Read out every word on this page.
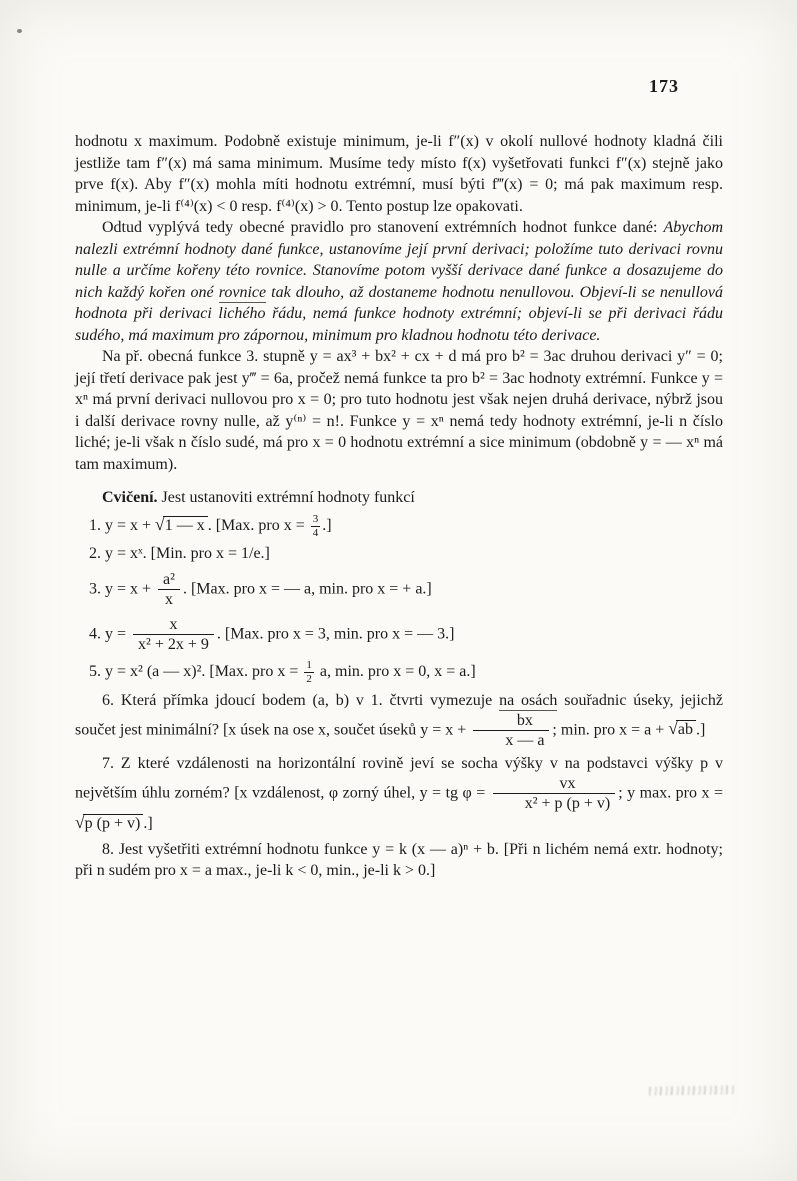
173

hodnotu x maximum. Podobně existuje minimum, je-li f″(x) v okolí nullové hodnoty kladná čili jestliže tam f″(x) má sama minimum. Musíme tedy místo f(x) vyšetřovati funkci f″(x) stejně jako prve f(x). Aby f″(x) mohla míti hodnotu extrémní, musí býti f‴(x) = 0; má pak maximum resp. minimum, je-li f⁽⁴⁾(x) < 0 resp. f⁽⁴⁾(x) > 0. Tento postup lze opakovati.

Odtud vyplývá tedy obecné pravidlo pro stanovení extrémních hodnot funkce dané: Abychom nalezli extrémní hodnoty dané funkce, ustanovíme její první derivaci; položíme tuto derivaci rovnu nulle a určíme kořeny této rovnice. Stanovíme potom vyšší derivace dané funkce a dosazujeme do nich každý kořen oné rovnice tak dlouho, až dostaneme hodnotu nenullovou. Objeví-li se nenullová hodnota při derivaci lichého řádu, nemá funkce hodnoty extrémní; objeví-li se při derivaci řádu sudého, má maximum pro zápornou, minimum pro kladnou hodnotu této derivace.

Na př. obecná funkce 3. stupně y = ax³ + bx² + cx + d má pro b² = 3ac druhou derivaci y″ = 0; její třetí derivace pak jest y‴ = 6a, pročež nemá funkce ta pro b² = 3ac hodnoty extrémní. Funkce y = xⁿ má první derivaci nullovou pro x = 0; pro tuto hodnotu jest však nejen druhá derivace, nýbrž jsou i další derivace rovny nulle, až y⁽ⁿ⁾ = n!. Funkce y = xⁿ nemá tedy hodnoty extrémní, je-li n číslo liché; je-li však n číslo sudé, má pro x = 0 hodnotu extrémní a sice minimum (obdobně y = — xⁿ má tam maximum).

Cvičení. Jest ustanoviti extrémní hodnoty funkcí

1. y = x + √1 — x . [Max. pro $x = \frac{3}{4}$ .]
2. y = xˣ. [Min. pro x = 1/e.]
3. $y = x + \frac{\text{a²}}{x}$ . [Max. pro x = — a, min. pro x = + a.]
4. $y = \frac{x}{\text{x² + 2x + 9}}$ . [Max. pro x = 3, min. pro x = — 3.]
5. y = x² (a — x)². [Max. pro $x = \frac{1}{2} a$, min. pro x = 0, x = a.]

6. Která přímka jdoucí bodem (a, b) v 1. čtvrti vymezuje na osách souřadnic úseky, jejichž součet jest minimální? [x úsek na ose x, součet úseků $y = x + \frac{bx}{x — a}$ ; min. pro x = a + √ab .]

7. Z které vzdálenosti na horizontální rovině jeví se socha výšky v na podstavci výšky p v největším úhlu zorném? [x vzdálenost, φ zorný úhel, y = tg $\varphi = \frac{vx}{\text{x² + p (p + v)}}$ ; y max. pro x = √p (p + v) .]

8. Jest vyšetřiti extrémní hodnotu funkce y = k (x — a)ⁿ + b. [Při n lichém nemá extr. hodnoty; při n sudém pro x = a max., je-li k < 0, min., je-li k > 0.]
